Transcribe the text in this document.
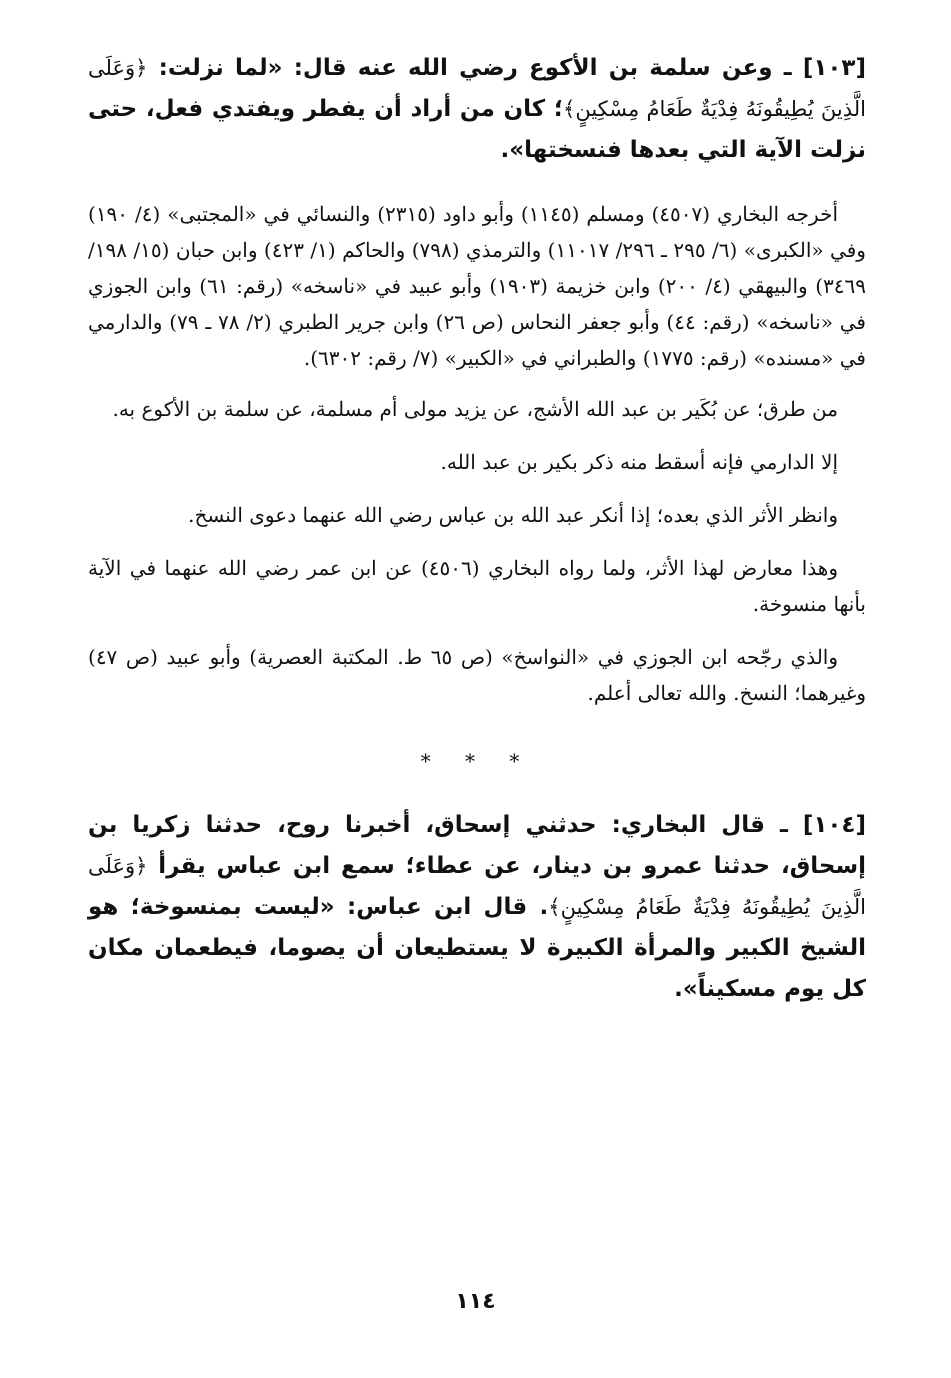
[١٠٣] ـ وعن سلمة بن الأكوع رضي الله عنه قال: «لما نزلت: ﴿وَعَلَى الَّذِينَ يُطِيقُونَهُ فِدْيَةٌ طَعَامُ مِسْكِينٍ﴾؛ كان من أراد أن يفطر ويفتدي فعل، حتى نزلت الآية التي بعدها فنسختها».

أخرجه البخاري (٤٥٠٧) ومسلم (١١٤٥) وأبو داود (٢٣١٥) والنسائي في «المجتبى» (٤/ ١٩٠) وفي «الكبرى» (٦/ ٢٩٥ ـ ٢٩٦/ ١١٠١٧) والترمذي (٧٩٨) والحاكم (١/ ٤٢٣) وابن حبان (١٥/ ١٩٨/ ٣٤٦٩) والبيهقي (٤/ ٢٠٠) وابن خزيمة (١٩٠٣) وأبو عبيد في «ناسخه» (رقم: ٦١) وابن الجوزي في «ناسخه» (رقم: ٤٤) وأبو جعفر النحاس (ص ٢٦) وابن جرير الطبري (٢/ ٧٨ ـ ٧٩) والدارمي في «مسنده» (رقم: ١٧٧٥) والطبراني في «الكبير» (٧/ رقم: ٦٣٠٢).

من طرق؛ عن بُكَير بن عبد الله الأشج، عن يزيد مولى أم مسلمة، عن سلمة بن الأكوع به.

إلا الدارمي فإنه أسقط منه ذكر بكير بن عبد الله.

وانظر الأثر الذي بعده؛ إذا أنكر عبد الله بن عباس رضي الله عنهما دعوى النسخ.

وهذا معارض لهذا الأثر، ولما رواه البخاري (٤٥٠٦) عن ابن عمر رضي الله عنهما في الآية بأنها منسوخة.

والذي رجّحه ابن الجوزي في «النواسخ» (ص ٦٥ ط. المكتبة العصرية) وأبو عبيد (ص ٤٧) وغيرهما؛ النسخ. والله تعالى أعلم.

* * *

[١٠٤] ـ قال البخاري: حدثني إسحاق، أخبرنا روح، حدثنا زكريا بن إسحاق، حدثنا عمرو بن دينار، عن عطاء؛ سمع ابن عباس يقرأ ﴿وَعَلَى الَّذِينَ يُطِيقُونَهُ فِدْيَةٌ طَعَامُ مِسْكِينٍ﴾. قال ابن عباس: «ليست بمنسوخة؛ هو الشيخ الكبير والمرأة الكبيرة لا يستطيعان أن يصوما، فيطعمان مكان كل يوم مسكيناً».

١١٤
